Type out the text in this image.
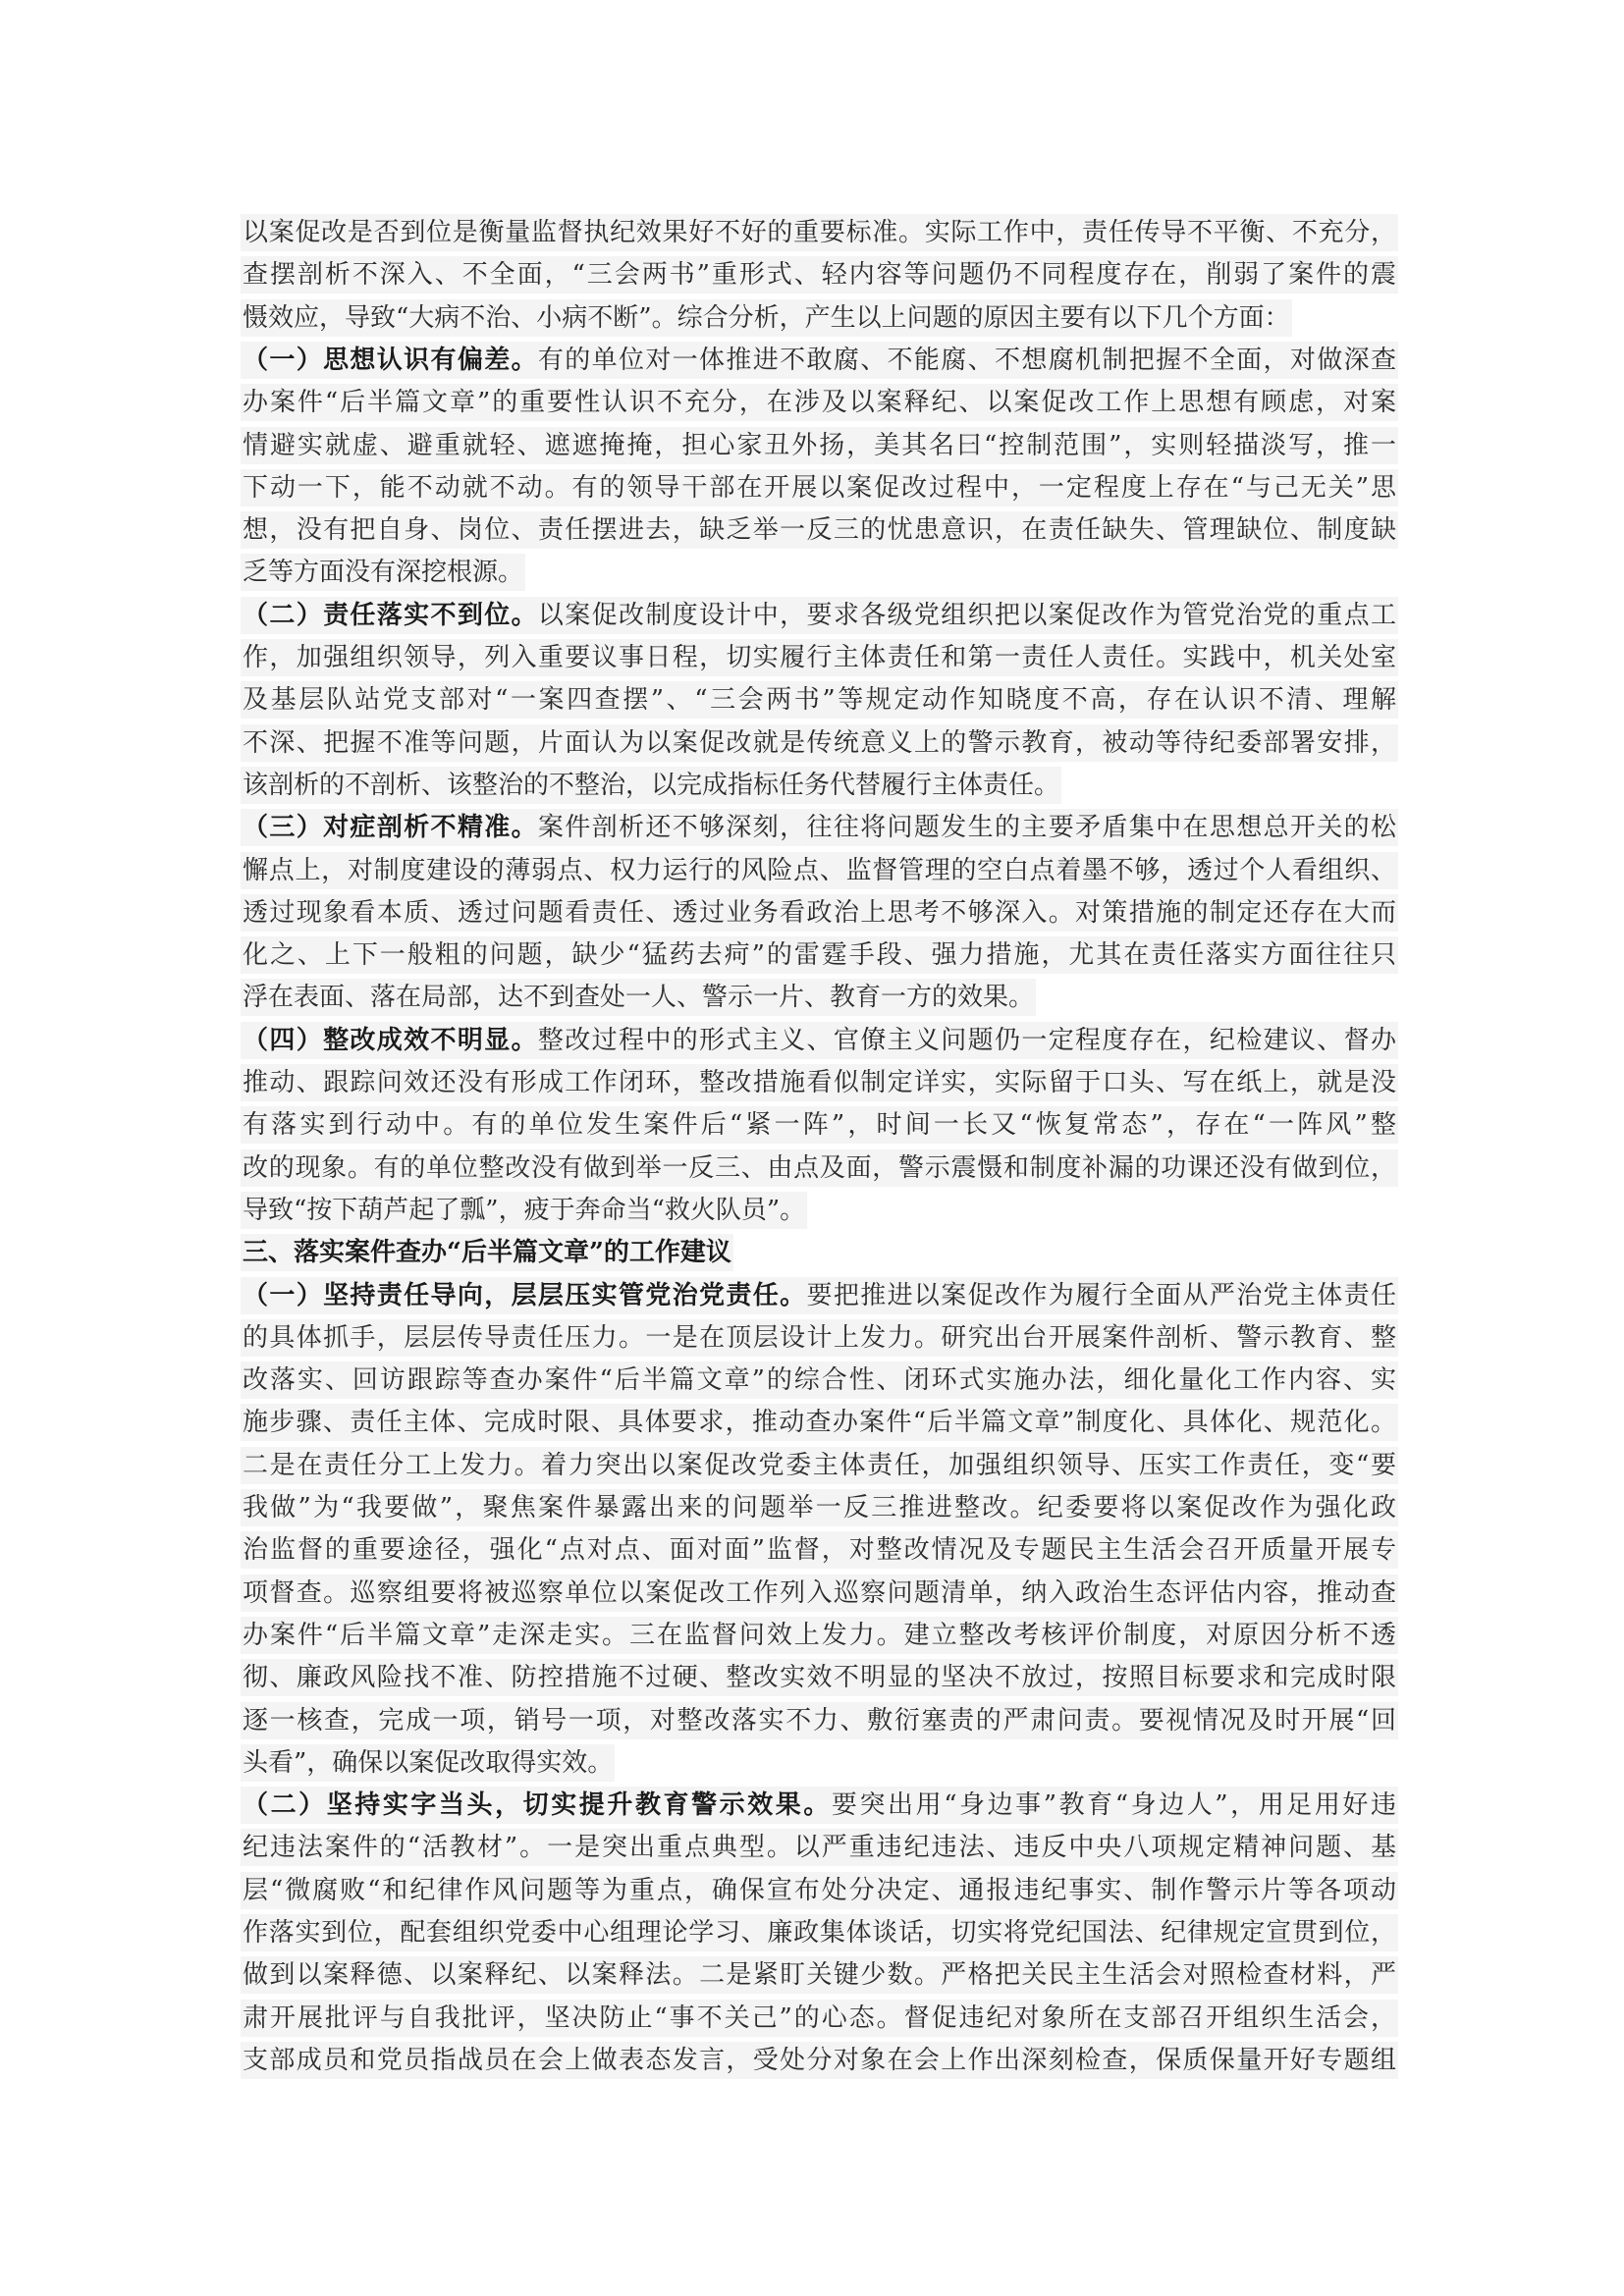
以案促改是否到位是衡量监督执纪效果好不好的重要标准。实际工作中，责任传导不平衡、不充分，
查摆剖析不深入、不全面，“三会两书”重形式、轻内容等问题仍不同程度存在，削弱了案件的震
慑效应，导致“大病不治、小病不断”。综合分析，产生以上问题的原因主要有以下几个方面：
（一）思想认识有偏差。有的单位对一体推进不敢腐、不能腐、不想腐机制把握不全面，对做深查
办案件“后半篇文章”的重要性认识不充分，在涉及以案释纪、以案促改工作上思想有顾虑，对案
情避实就虚、避重就轻、遮遮掩掩，担心家丑外扬，美其名曰“控制范围”，实则轻描淡写，推一
下动一下，能不动就不动。有的领导干部在开展以案促改过程中，一定程度上存在“与己无关”思
想，没有把自身、岗位、责任摆进去，缺乏举一反三的忧患意识，在责任缺失、管理缺位、制度缺
乏等方面没有深挖根源。
（二）责任落实不到位。以案促改制度设计中，要求各级党组织把以案促改作为管党治党的重点工
作，加强组织领导，列入重要议事日程，切实履行主体责任和第一责任人责任。实践中，机关处室
及基层队站党支部对“一案四查摆”、“三会两书”等规定动作知晓度不高，存在认识不清、理解
不深、把握不准等问题，片面认为以案促改就是传统意义上的警示教育，被动等待纪委部署安排，
该剖析的不剖析、该整治的不整治，以完成指标任务代替履行主体责任。
（三）对症剖析不精准。案件剖析还不够深刻，往往将问题发生的主要矛盾集中在思想总开关的松
懈点上，对制度建设的薄弱点、权力运行的风险点、监督管理的空白点着墨不够，透过个人看组织、
透过现象看本质、透过问题看责任、透过业务看政治上思考不够深入。对策措施的制定还存在大而
化之、上下一般粗的问题，缺少“猛药去疴”的雷霆手段、强力措施，尤其在责任落实方面往往只
浮在表面、落在局部，达不到查处一人、警示一片、教育一方的效果。
（四）整改成效不明显。整改过程中的形式主义、官僚主义问题仍一定程度存在，纪检建议、督办
推动、跟踪问效还没有形成工作闭环，整改措施看似制定详实，实际留于口头、写在纸上，就是没
有落实到行动中。有的单位发生案件后“紧一阵”，时间一长又“恢复常态”，存在“一阵风”整
改的现象。有的单位整改没有做到举一反三、由点及面，警示震慑和制度补漏的功课还没有做到位，
导致“按下葫芦起了瓢”，疲于奔命当“救火队员”。
三、落实案件查办“后半篇文章”的工作建议
（一）坚持责任导向，层层压实管党治党责任。要把推进以案促改作为履行全面从严治党主体责任
的具体抓手，层层传导责任压力。一是在顶层设计上发力。研究出台开展案件剖析、警示教育、整
改落实、回访跟踪等查办案件“后半篇文章”的综合性、闭环式实施办法，细化量化工作内容、实
施步骤、责任主体、完成时限、具体要求，推动查办案件“后半篇文章”制度化、具体化、规范化。
二是在责任分工上发力。着力突出以案促改党委主体责任，加强组织领导、压实工作责任，变“要
我做”为“我要做”，聚焦案件暴露出来的问题举一反三推进整改。纪委要将以案促改作为强化政
治监督的重要途径，强化“点对点、面对面”监督，对整改情况及专题民主生活会召开质量开展专
项督查。巡察组要将被巡察单位以案促改工作列入巡察问题清单，纳入政治生态评估内容，推动查
办案件“后半篇文章”走深走实。三在监督问效上发力。建立整改考核评价制度，对原因分析不透
彻、廉政风险找不准、防控措施不过硬、整改实效不明显的坚决不放过，按照目标要求和完成时限
逐一核查，完成一项，销号一项，对整改落实不力、敷衍塞责的严肃问责。要视情况及时开展“回
头看”，确保以案促改取得实效。
（二）坚持实字当头，切实提升教育警示效果。要突出用“身边事”教育“身边人”，用足用好违
纪违法案件的“活教材”。一是突出重点典型。以严重违纪违法、违反中央八项规定精神问题、基
层“微腐败“和纪律作风问题等为重点，确保宣布处分决定、通报违纪事实、制作警示片等各项动
作落实到位，配套组织党委中心组理论学习、廉政集体谈话，切实将党纪国法、纪律规定宣贯到位，
做到以案释德、以案释纪、以案释法。二是紧盯关键少数。严格把关民主生活会对照检查材料，严
肃开展批评与自我批评，坚决防止“事不关己”的心态。督促违纪对象所在支部召开组织生活会，
支部成员和党员指战员在会上做表态发言，受处分对象在会上作出深刻检查，保质保量开好专题组
